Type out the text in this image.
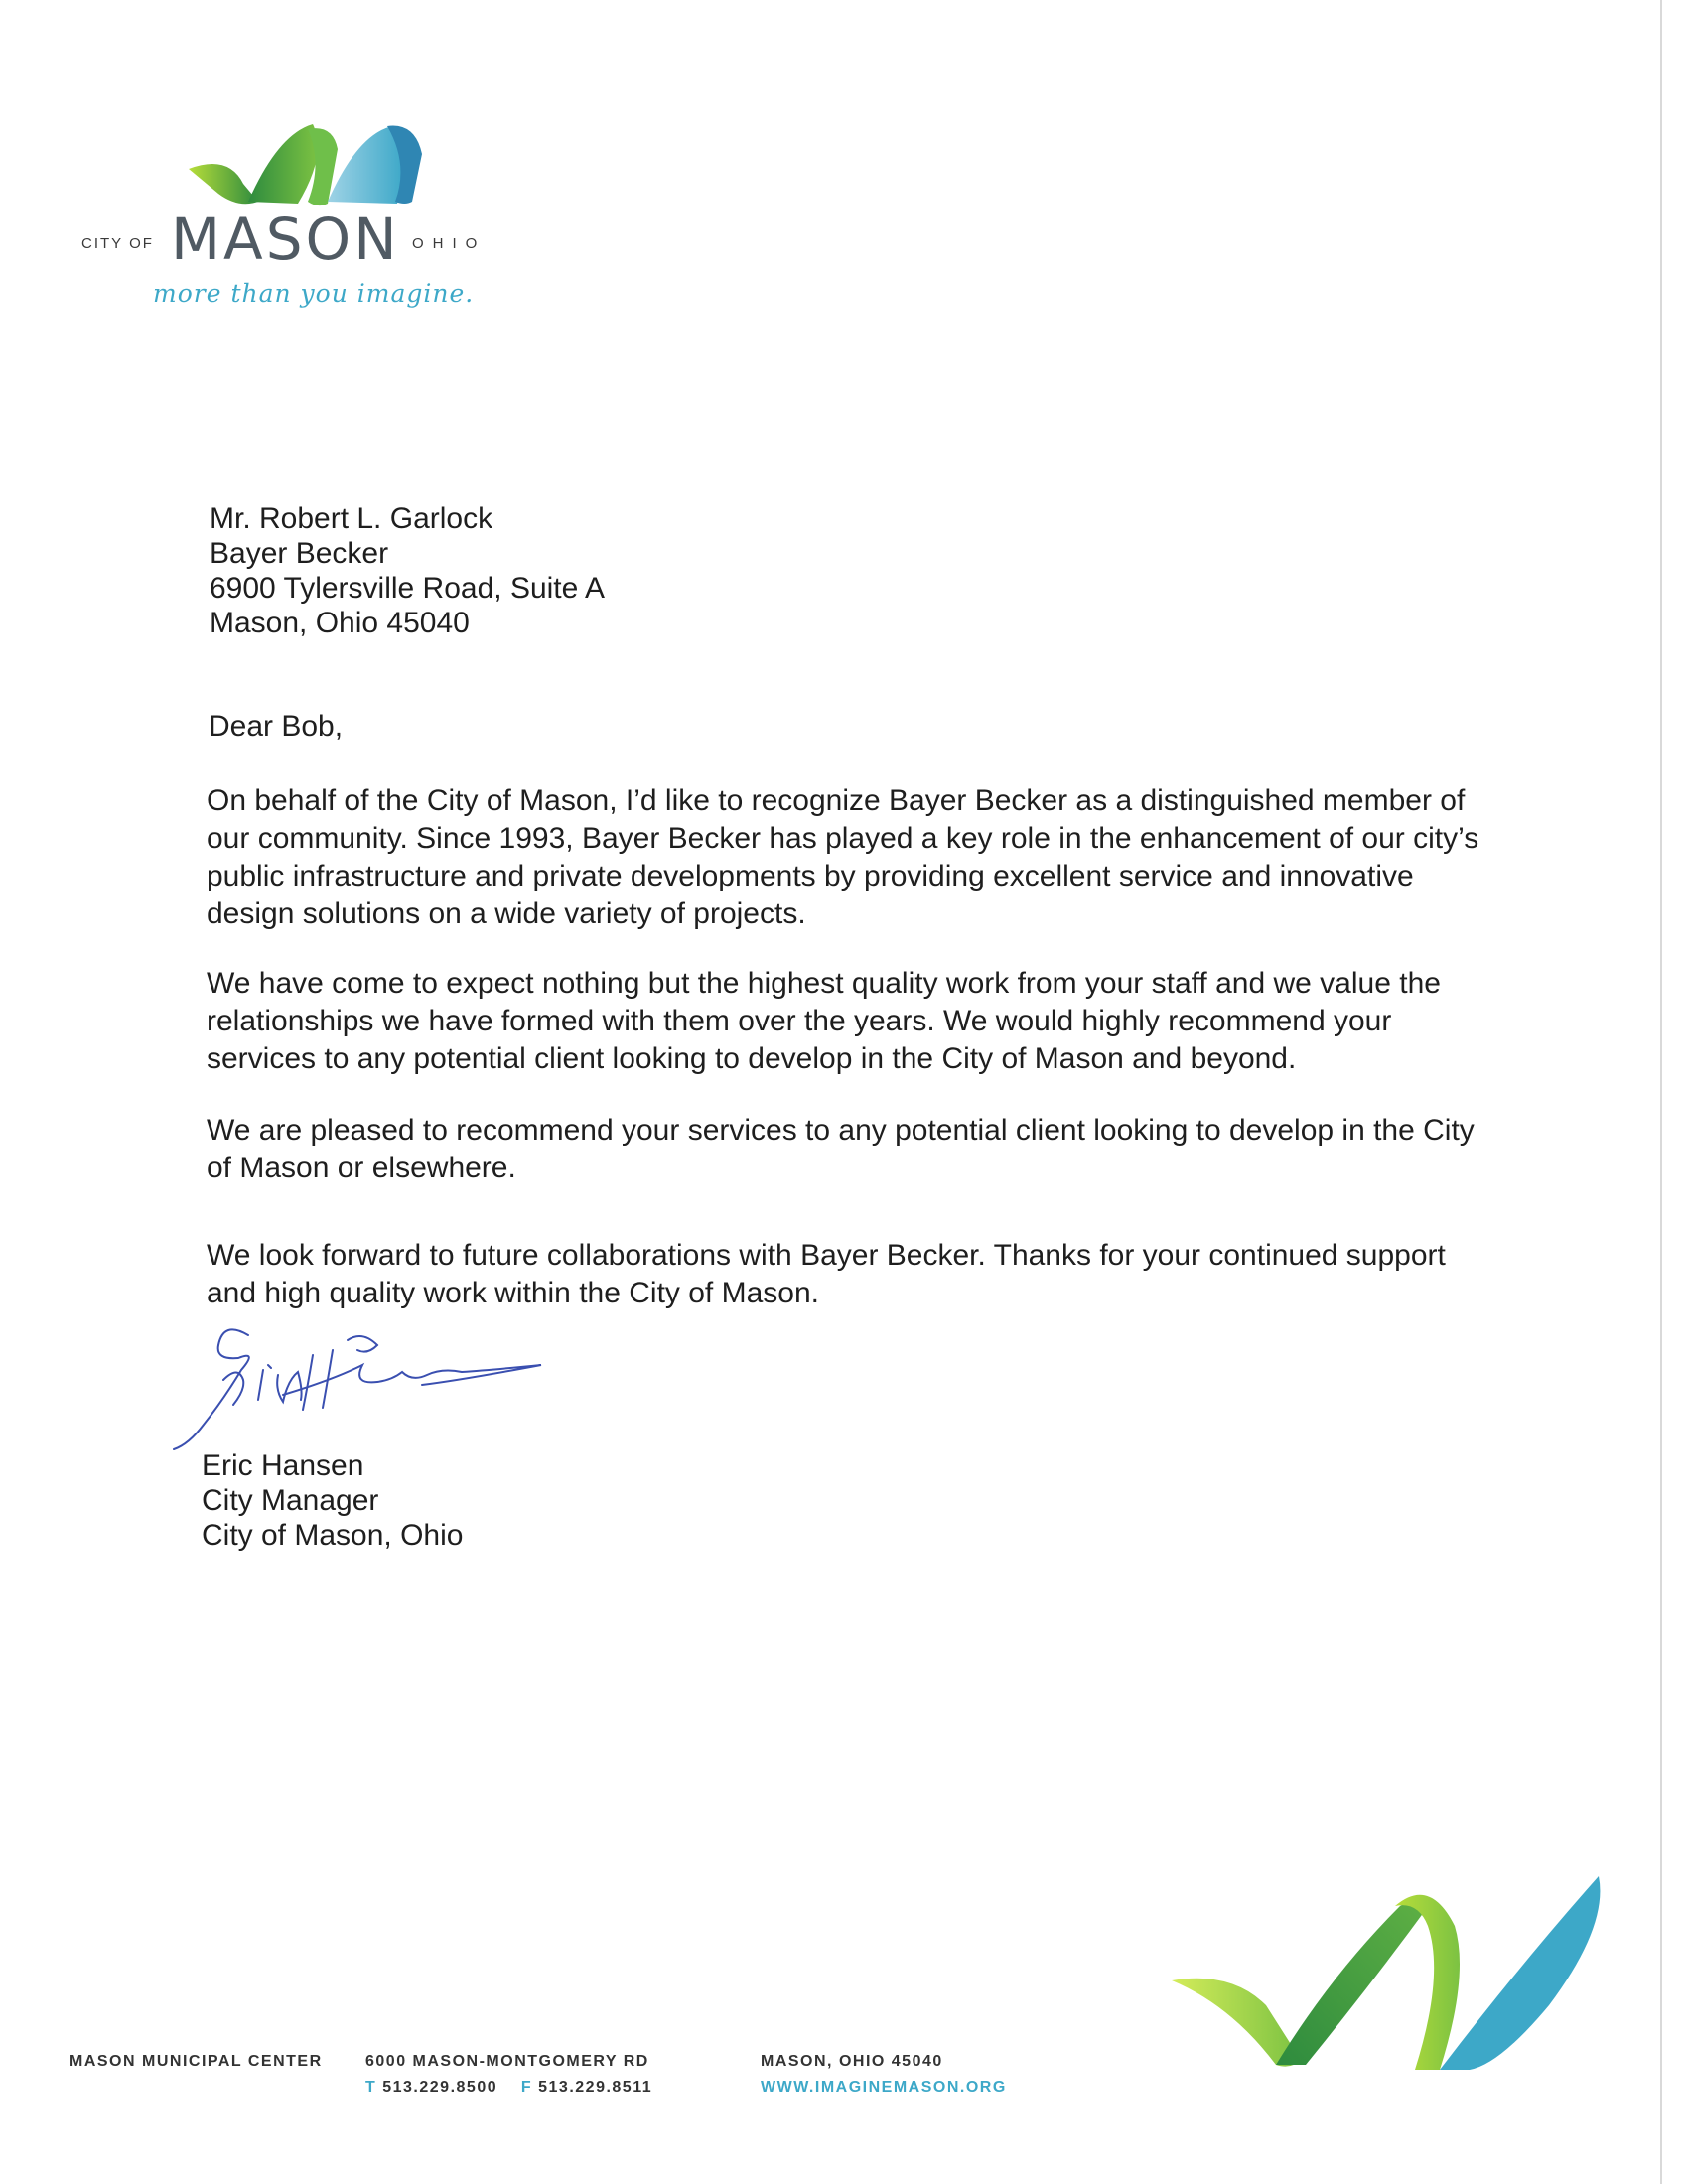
CITY OF MASON OHIO
more than you imagine.
Mr. Robert L. Garlock
Bayer Becker
6900 Tylersville Road, Suite A
Mason, Ohio 45040
Dear Bob,
On behalf of the City of Mason, I’d like to recognize Bayer Becker as a distinguished member of our community. Since 1993, Bayer Becker has played a key role in the enhancement of our city’s public infrastructure and private developments by providing excellent service and innovative design solutions on a wide variety of projects.
We have come to expect nothing but the highest quality work from your staff and we value the relationships we have formed with them over the years. We would highly recommend your services to any potential client looking to develop in the City of Mason and beyond.
We are pleased to recommend your services to any potential client looking to develop in the City of Mason or elsewhere.
We look forward to future collaborations with Bayer Becker. Thanks for your continued support and high quality work within the City of Mason.
Eric Hansen
City Manager
City of Mason, Ohio
MASON MUNICIPAL CENTER	6000 MASON-MONTGOMERY RD
T 513.229.8500 F 513.229.8511
MASON, OHIO 45040
WWW.IMAGINEMASON.ORG
